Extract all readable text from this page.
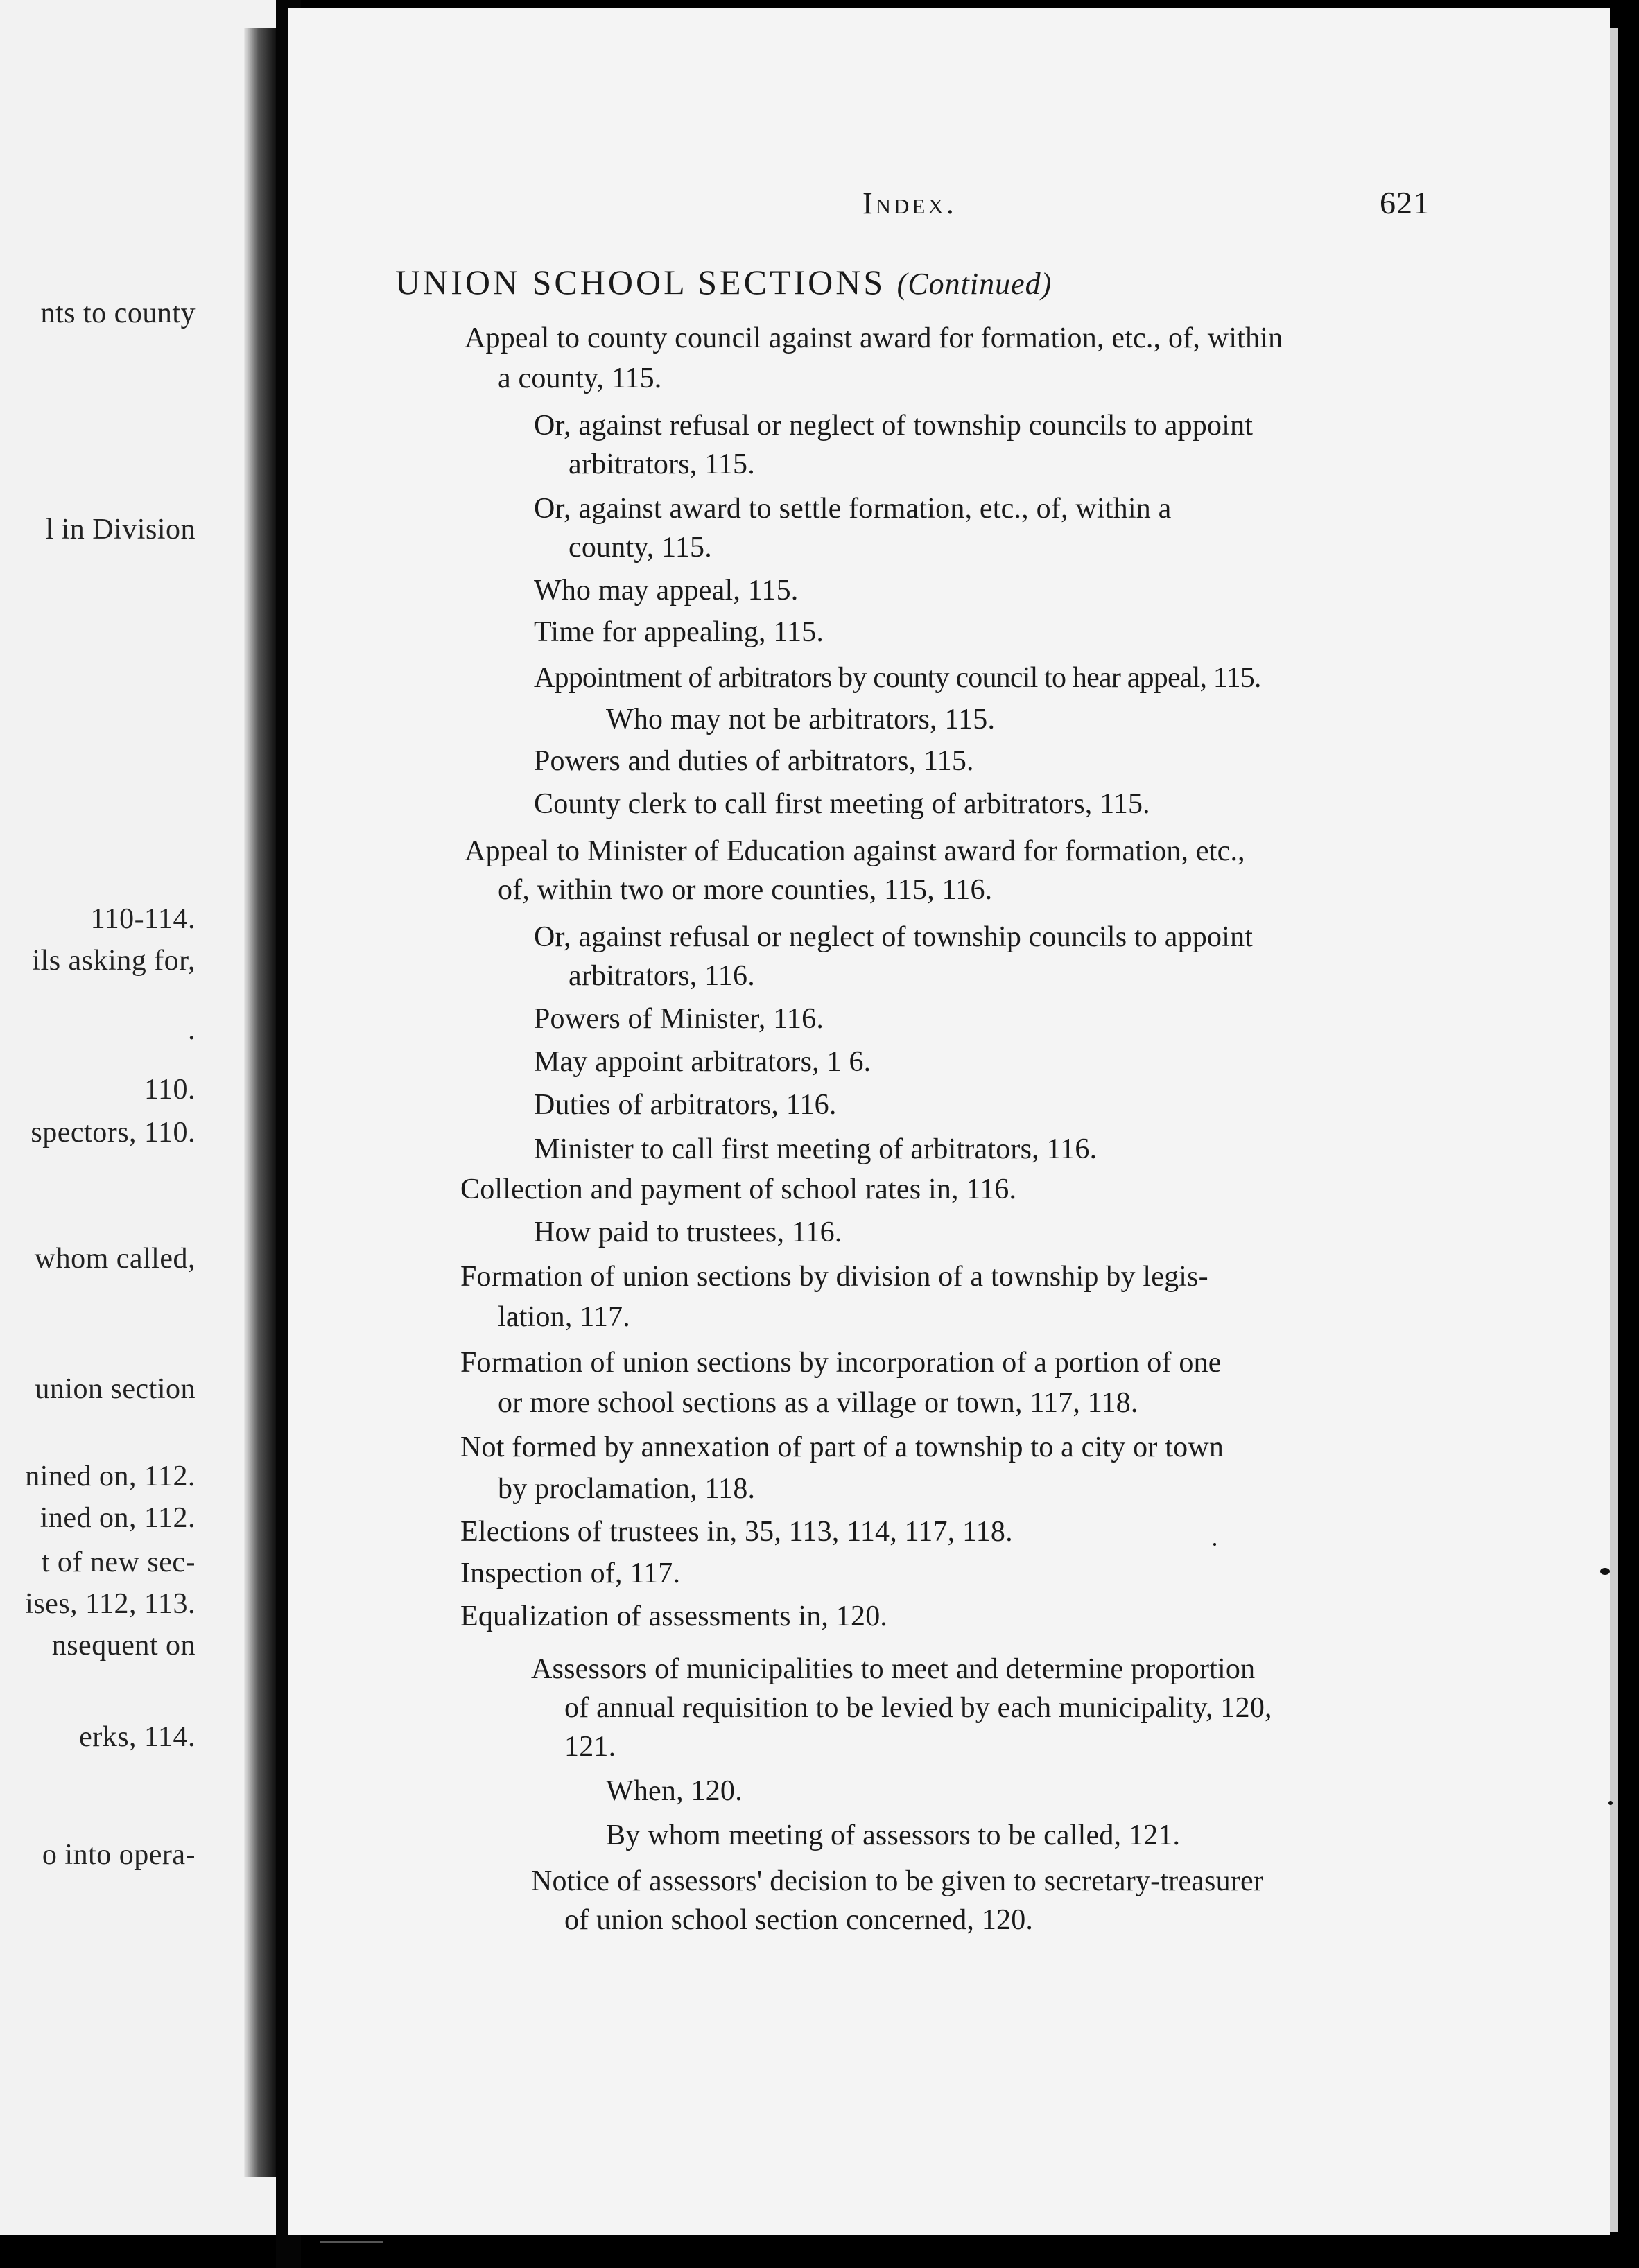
nts to county
l in Division
110-114.
ils asking for,
.
110.
spectors, 110.
whom called,
union section
nined on, 112.
ined on, 112.
t of new sec-
ises, 112, 113.
nsequent on
erks, 114.
o into opera-
Index.	621
UNION SCHOOL SECTIONS (Continued)
Appeal to county council against award for formation, etc., of, within
a county, 115.
Or, against refusal or neglect of township councils to appoint
arbitrators, 115.
Or, against award to settle formation, etc., of, within a
county, 115.
Who may appeal, 115.
Time for appealing, 115.
Appointment of arbitrators by county council to hear appeal, 115.
Who may not be arbitrators, 115.
Powers and duties of arbitrators, 115.
County clerk to call first meeting of arbitrators, 115.
Appeal to Minister of Education against award for formation, etc.,
of, within two or more counties, 115, 116.
Or, against refusal or neglect of township councils to appoint
arbitrators, 116.
Powers of Minister, 116.
May appoint arbitrators, 1 6.
Duties of arbitrators, 116.
Minister to call first meeting of arbitrators, 116.
Collection and payment of school rates in, 116.
How paid to trustees, 116.
Formation of union sections by division of a township by legis-
lation, 117.
Formation of union sections by incorporation of a portion of one
or more school sections as a village or town, 117, 118.
Not formed by annexation of part of a township to a city or town
by proclamation, 118.
Elections of trustees in, 35, 113, 114, 117, 118.
Inspection of, 117.
Equalization of assessments in, 120.
Assessors of municipalities to meet and determine proportion
of annual requisition to be levied by each municipality, 120,
121.
When, 120.
By whom meeting of assessors to be called, 121.
Notice of assessors' decision to be given to secretary-treasurer
of union school section concerned, 120.
